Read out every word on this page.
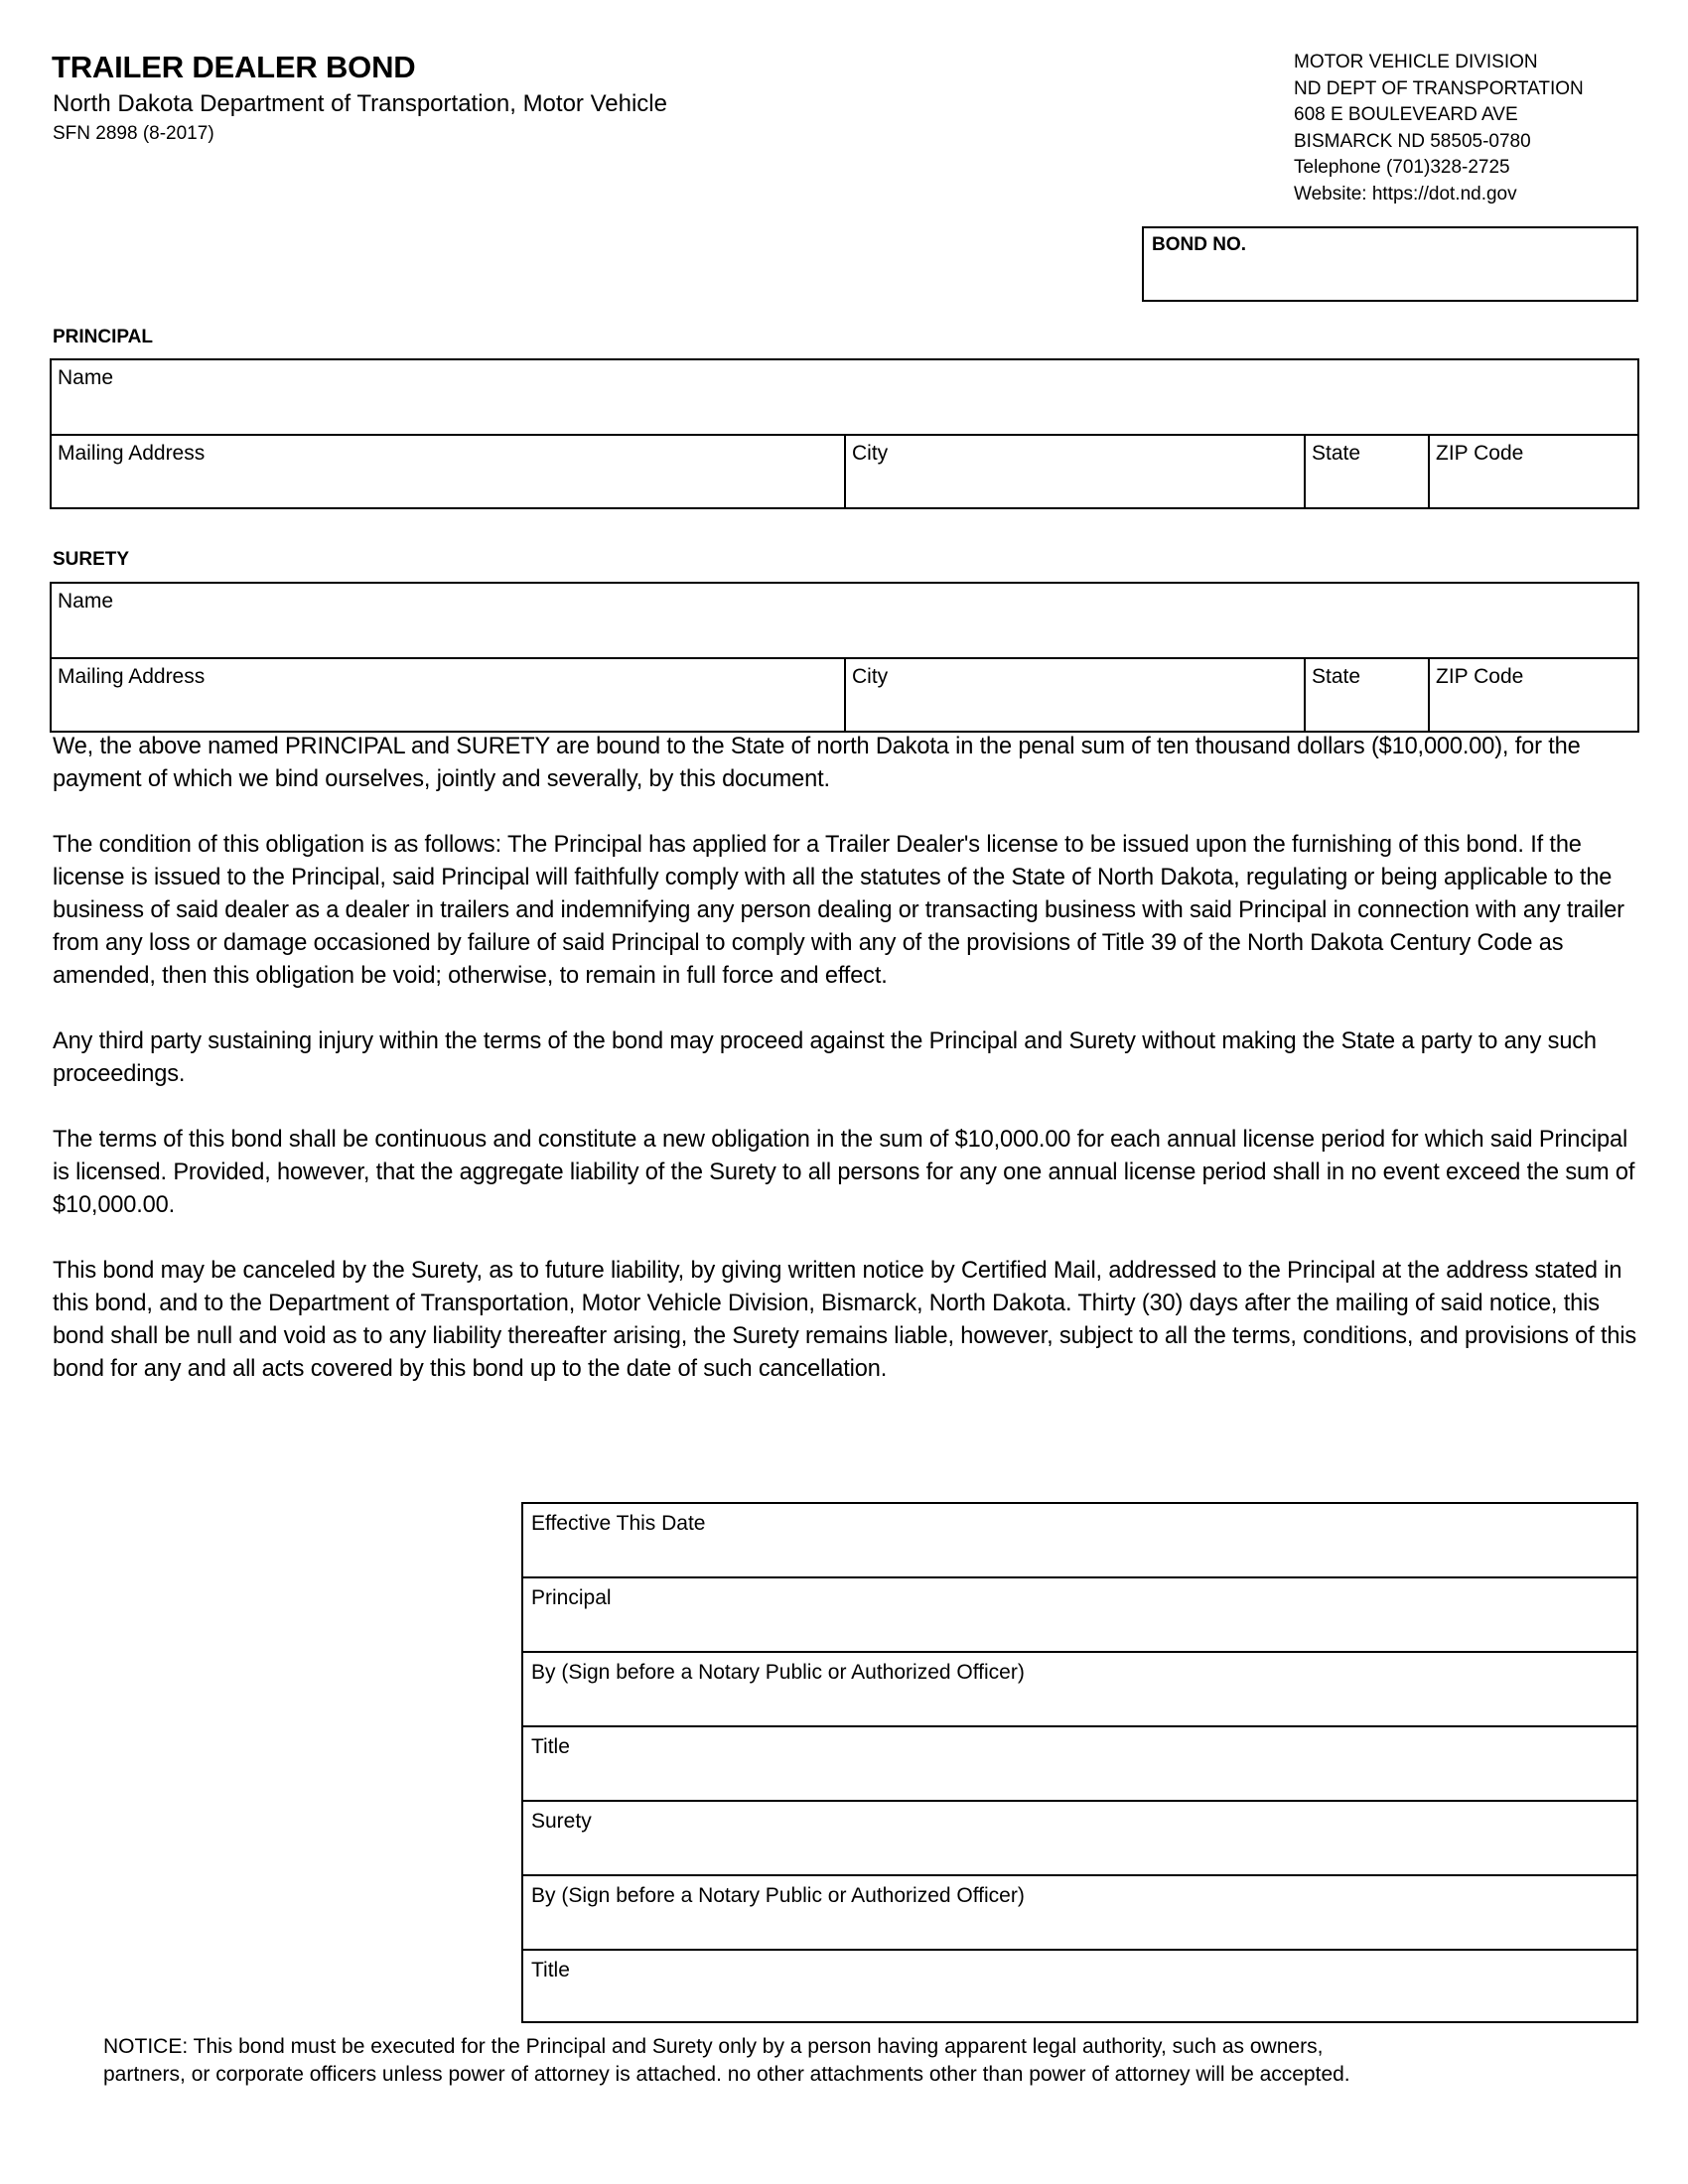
TRAILER DEALER BOND
North Dakota Department of Transportation, Motor Vehicle
SFN 2898 (8-2017)
MOTOR VEHICLE DIVISION
ND DEPT OF TRANSPORTATION
608 E BOULEVEARD AVE
BISMARCK ND 58505-0780
Telephone (701)328-2725
Website: https://dot.nd.gov
BOND NO.
PRINCIPAL
Name
Mailing Address	City	State	ZIP Code
SURETY
Name
Mailing Address	City	State	ZIP Code

We, the above named PRINCIPAL and SURETY are bound to the State of north Dakota in the penal sum of ten thousand dollars ($10,000.00), for the payment of which we bind ourselves, jointly and severally, by this document.

The condition of this obligation is as follows: The Principal has applied for a Trailer Dealer's license to be issued upon the furnishing of this bond. If the license is issued to the Principal, said Principal will faithfully comply with all the statutes of the State of North Dakota, regulating or being applicable to the business of said dealer as a dealer in trailers and indemnifying any person dealing or transacting business with said Principal in connection with any trailer from any loss or damage occasioned by failure of said Principal to comply with any of the provisions of Title 39 of the North Dakota Century Code as amended, then this obligation be void; otherwise, to remain in full force and effect.

Any third party sustaining injury within the terms of the bond may proceed against the Principal and Surety without making the State a party to any such proceedings.

The terms of this bond shall be continuous and constitute a new obligation in the sum of $10,000.00 for each annual license period for which said Principal is licensed. Provided, however, that the aggregate liability of the Surety to all persons for any one annual license period shall in no event exceed the sum of $10,000.00.

This bond may be canceled by the Surety, as to future liability, by giving written notice by Certified Mail, addressed to the Principal at the address stated in this bond, and to the Department of Transportation, Motor Vehicle Division, Bismarck, North Dakota. Thirty (30) days after the mailing of said notice, this bond shall be null and void as to any liability thereafter arising, the Surety remains liable, however, subject to all the terms, conditions, and provisions of this bond for any and all acts covered by this bond up to the date of such cancellation.

Effective This Date
Principal
By (Sign before a Notary Public or Authorized Officer)
Title
Surety
By (Sign before a Notary Public or Authorized Officer)
Title
NOTICE: This bond must be executed for the Principal and Surety only by a person having apparent legal authority, such as owners,
partners, or corporate officers unless power of attorney is attached. no other attachments other than power of attorney will be accepted.
